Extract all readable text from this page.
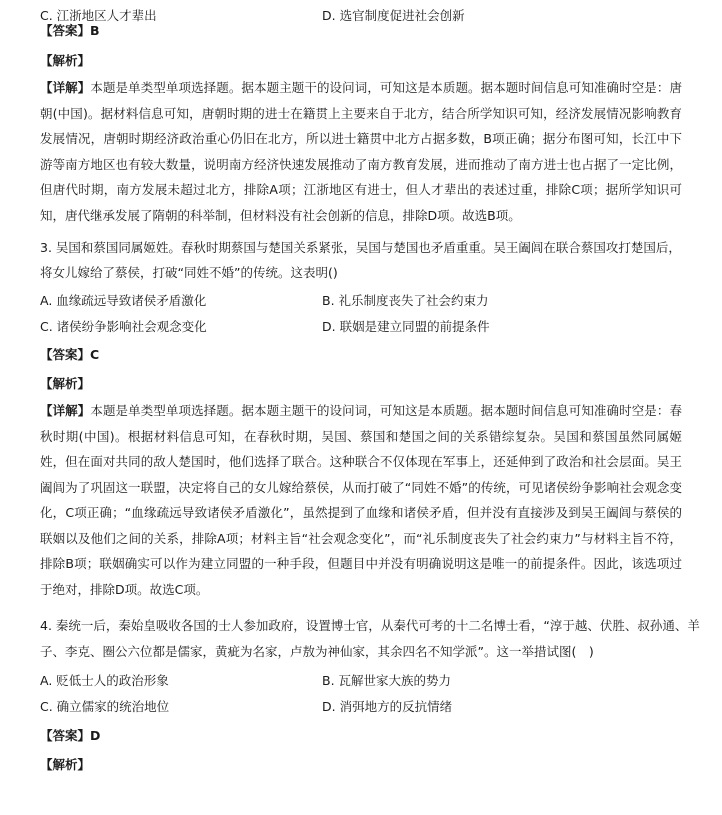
C. 江浙地区人才辈出	D. 选官制度促进社会创新
【答案】B
【解析】
【详解】本题是单类型单项选择题。据本题主题干的设问词，可知这是本质题。据本题时间信息可知准确时空是：唐朝(中国)。据材料信息可知，唐朝时期的进士在籍贯上主要来自于北方，结合所学知识可知，经济发展情况影响教育发展情况，唐朝时期经济政治重心仍旧在北方，所以进士籍贯中北方占据多数，B项正确；据分布图可知，长江中下游等南方地区也有较大数量，说明南方经济快速发展推动了南方教育发展，进而推动了南方进士也占据了一定比例，但唐代时期，南方发展未超过北方，排除A项；江浙地区有进士，但人才辈出的表述过重，排除C项；据所学知识可知，唐代继承发展了隋朝的科举制，但材料没有社会创新的信息，排除D项。故选B项。
3. 吴国和蔡国同属姬姓。春秋时期蔡国与楚国关系紧张，吴国与楚国也矛盾重重。吴王阖闾在联合蔡国攻打楚国后，
将女儿嫁给了蔡侯，打破“同姓不婚”的传统。这表明()
A. 血缘疏远导致诸侯矛盾激化	B. 礼乐制度丧失了社会约束力
C. 诸侯纷争影响社会观念变化	D. 联姻是建立同盟的前提条件
【答案】C
【解析】
【详解】本题是单类型单项选择题。据本题主题干的设问词，可知这是本质题。据本题时间信息可知准确时空是：春秋时期(中国)。根据材料信息可知，在春秋时期，吴国、蔡国和楚国之间的关系错综复杂。吴国和蔡国虽然同属姬姓，但在面对共同的敌人楚国时，他们选择了联合。这种联合不仅体现在军事上，还延伸到了政治和社会层面。吴王阖闾为了巩固这一联盟，决定将自己的女儿嫁给蔡侯，从而打破了“同姓不婚”的传统，可见诸侯纷争影响社会观念变化，C项正确；“血缘疏远导致诸侯矛盾激化”，虽然提到了血缘和诸侯矛盾，但并没有直接涉及到吴王阖闾与蔡侯的联姻以及他们之间的关系，排除A项；材料主旨“社会观念变化”，而“礼乐制度丧失了社会约束力”与材料主旨不符，排除B项；联姻确实可以作为建立同盟的一种手段，但题目中并没有明确说明这是唯一的前提条件。因此，该选项过于绝对，排除D项。故选C项。
4. 秦统一后，秦始皇吸收各国的士人参加政府，设置博士官，从秦代可考的十二名博士看，“淳于越、伏胜、叔孙通、羊
子、李克、圈公六位都是儒家，黄疵为名家，卢敖为神仙家，其余四名不知学派”。这一举措试图(　)
A. 贬低士人的政治形象	B. 瓦解世家大族的势力
C. 确立儒家的统治地位	D. 消弭地方的反抗情绪
【答案】D
【解析】
